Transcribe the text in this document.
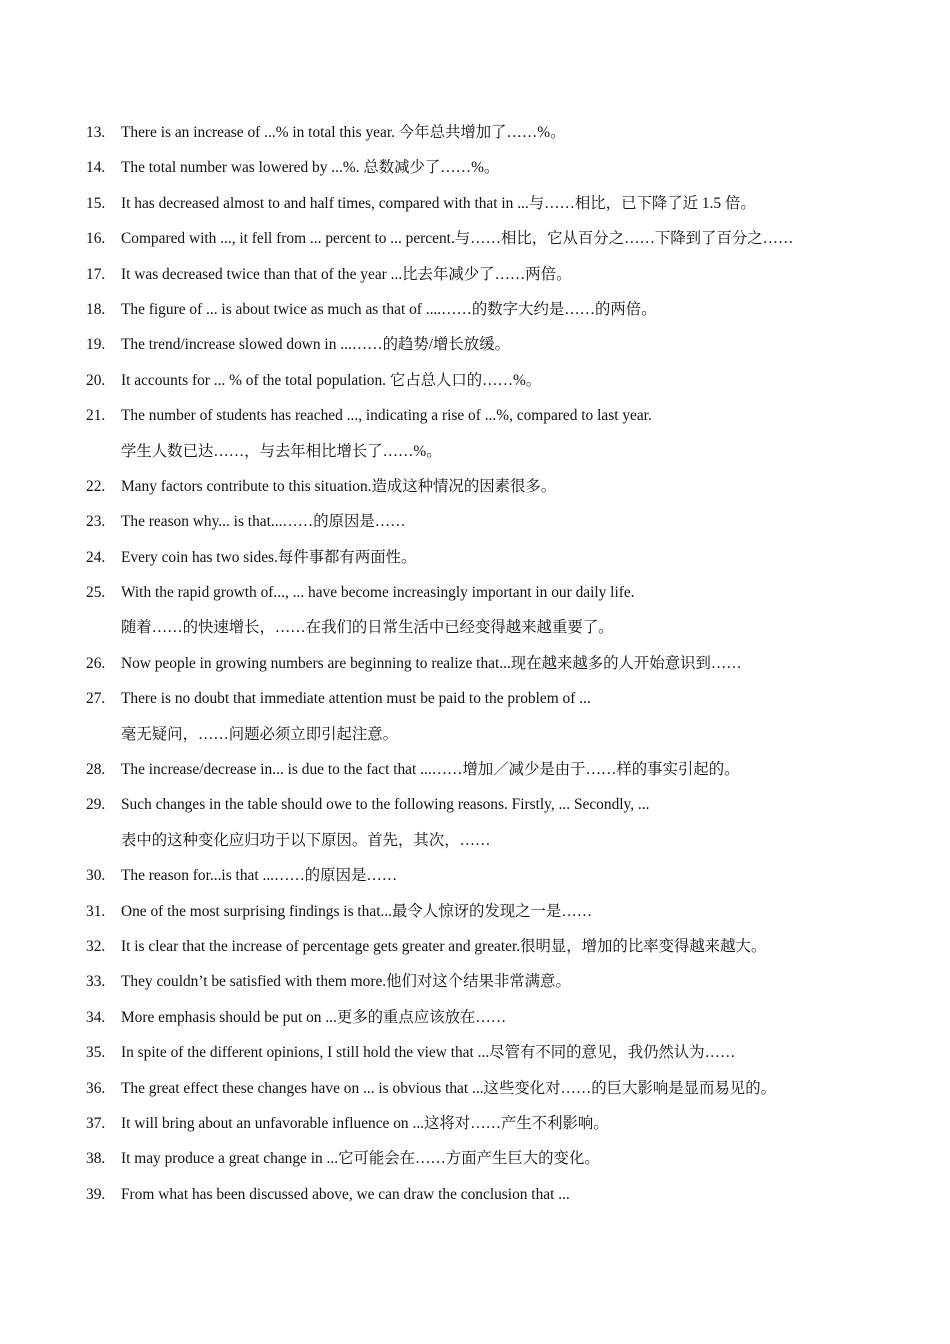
13. There is an increase of ...% in total this year. 今年总共增加了……%。
14. The total number was lowered by ...%. 总数减少了……%。
15. It has decreased almost to and half times, compared with that in ...与……相比，已下降了近 1.5 倍。
16. Compared with ..., it fell from ... percent to ... percent.与……相比，它从百分之……下降到了百分之……
17. It was decreased twice than that of the year ...比去年减少了……两倍。
18. The figure of ... is about twice as much as that of ....……的数字大约是……的两倍。
19. The trend/increase slowed down in ...……的趋势/增长放缓。
20. It accounts for ... % of the total population. 它占总人口的……%。
21. The number of students has reached ..., indicating a rise of ...%, compared to last year.
学生人数已达……，与去年相比增长了……%。
22. Many factors contribute to this situation.造成这种情况的因素很多。
23. The reason why... is that...……的原因是……
24. Every coin has two sides.每件事都有两面性。
25. With the rapid growth of..., ... have become increasingly important in our daily life.
随着……的快速增长，……在我们的日常生活中已经变得越来越重要了。
26. Now people in growing numbers are beginning to realize that...现在越来越多的人开始意识到……
27. There is no doubt that immediate attention must be paid to the problem of ...
毫无疑问，……问题必须立即引起注意。
28. The increase/decrease in... is due to the fact that ...……增加／减少是由于……样的事实引起的。
29. Such changes in the table should owe to the following reasons. Firstly, ... Secondly, ...
表中的这种变化应归功于以下原因。首先，其次，……
30. The reason for...is that ...……的原因是……
31. One of the most surprising findings is that...最令人惊讶的发现之一是……
32. It is clear that the increase of percentage gets greater and greater.很明显，增加的比率变得越来越大。
33. They couldn’t be satisfied with them more.他们对这个结果非常满意。
34. More emphasis should be put on ...更多的重点应该放在……
35. In spite of the different opinions, I still hold the view that ...尽管有不同的意见，我仍然认为……
36. The great effect these changes have on ... is obvious that ...这些变化对……的巨大影响是显而易见的。
37. It will bring about an unfavorable influence on ...这将对……产生不利影响。
38. It may produce a great change in ...它可能会在……方面产生巨大的变化。
39. From what has been discussed above, we can draw the conclusion that ...
